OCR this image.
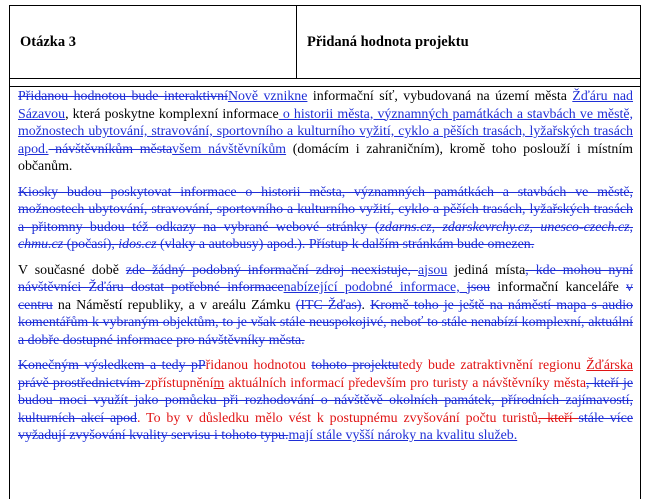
Otázka 3	Přidaná hodnota projektu

Přidanou hodnotou bude interaktivníNově vznikne informační síť, vybudovaná na území města Žďáru nad Sázavou, která poskytne komplexní informace o historii města, významných památkách a stavbách ve městě, možnostech ubytování, stravování, sportovního a kulturního vyžití, cyklo a pěších trasách, lyžařských trasách apod. návštěvníkům městavšem návštěvníkům (domácím i zahraničním), kromě toho poslouží i místním občanům.

Kiosky budou poskytovat informace o historii města, významných památkách a stavbách ve městě, možnostech ubytování, stravování, sportovního a kulturního vyžití, cyklo a pěších trasách, lyžařských trasách a přitomny budou též odkazy na vybrané webové stránky (zdarns.cz, zdarskevrchy.cz, unesco-czech.cz, chmu.cz (počasí), idos.cz (vlaky a autobusy) apod.). Přístup k dalším stránkám bude omezen.

V současné době zde žádný podobný informační zdroj neexistuje, ajsou jediná místa, kde mohou nyní návštěvníci Žďáru dostat potřebné informacenabízející podobné informace, jsou informační kanceláře v centru na Náměstí republiky, a v areálu Zámku (ITC Žďas). Kromě toho je ještě na náměstí mapa s audio komentářům k vybraným objektům, to je však stále neuspokojivé, neboť to stále nenabízí komplexní, aktuální a dobře dostupné informace pro návštěvníky města.

Konečným výsledkem a tedy pPřidanou hodnotou tohoto projektutedy bude zatraktivnění regionu Žďárska právě prostřednictvím zpřístupněním aktuálních informací především pro turisty a návštěvníky města, kteří je budou moci využít jako pomůcku při rozhodování o návštěvě okolních památek, přírodních zajímavostí, kulturních akcí apod. To by v důsledku mělo vést k postupnému zvyšování počtu turistů, kteří stále více vyžadují zvyšování kvality servisu i tohoto typu.mají stále vyšší nároky na kvalitu služeb.
